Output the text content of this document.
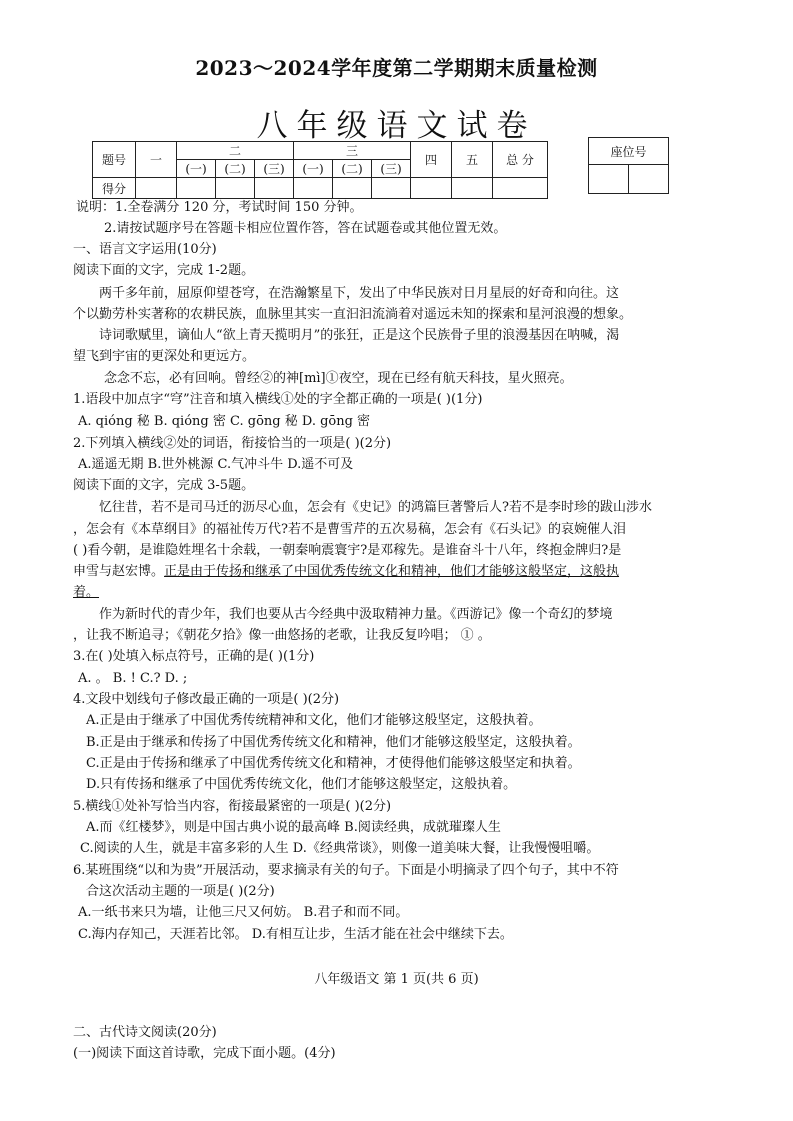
2023～2024学年度第二学期期末质量检测
八年级语文试卷
题号	一	二			三			四	五	总 分
		(一)	(二)	(三)	(一)	(二)	(三)			
得分										
座位号

说明：1.全卷满分 120 分，考试时间 150 分钟。
2.请按试题序号在答题卡相应位置作答，答在试题卷或其他位置无效。
一、语言文字运用(10分)
阅读下面的文字，完成 1-2题。
两千多年前，屈原仰望苍穹，在浩瀚繁星下，发出了中华民族对日月星辰的好奇和向往。这
个以勤劳朴实著称的农耕民族，血脉里其实一直汩汩流淌着对遥远未知的探索和星河浪漫的想象。
诗词歌赋里，谪仙人“欲上青天揽明月”的张狂，正是这个民族骨子里的浪漫基因在呐喊，渴
望飞到宇宙的更深处和更远方。
念念不忘，必有回响。曾经②的神[mì]①夜空，现在已经有航天科技，星火照亮。
1.语段中加点字“穹”注音和填入横线①处的字全都正确的一项是( )(1分)
A. qióng 秘 B. qióng 密 C. gōng 秘 D. gōng 密
2.下列填入横线②处的词语，衔接恰当的一项是( )(2分)
A.遥遥无期 B.世外桃源 C.气冲斗牛 D.遥不可及
阅读下面的文字，完成 3-5题。
忆往昔，若不是司马迁的沥尽心血，怎会有《史记》的鸿篇巨著警后人?若不是李时珍的跋山涉水
，怎会有《本草纲目》的福祉传万代?若不是曹雪芹的五次易稿，怎会有《石头记》的哀婉催人泪
( )看今朝，是谁隐姓埋名十余载，一朝秦响震寰宇?是邓稼先。是谁奋斗十八年，终抱金牌归?是
申雪与赵宏博。正是由于传扬和继承了中国优秀传统文化和精神，他们才能够这般坚定，这般执
着。
作为新时代的青少年，我们也要从古今经典中汲取精神力量。《西游记》像一个奇幻的梦境
，让我不断追寻；《朝花夕拾》像一曲悠扬的老歌，让我反复吟唱； ① 。
3.在( )处填入标点符号，正确的是( )(1分)
A. 。 B. ! C.? D. ;
4.文段中划线句子修改最正确的一项是( )(2分)
A.正是由于继承了中国优秀传统精神和文化，他们才能够这般坚定，这般执着。
B.正是由于继承和传扬了中国优秀传统文化和精神，他们才能够这般坚定，这般执着。
C.正是由于传扬和继承了中国优秀传统文化和精神，才使得他们能够这般坚定和执着。
D.只有传扬和继承了中国优秀传统文化，他们才能够这般坚定，这般执着。
5.横线①处补写恰当内容，衔接最紧密的一项是( )(2分)
A.而《红楼梦》，则是中国古典小说的最高峰 B.阅读经典，成就璀璨人生
C.阅读的人生，就是丰富多彩的人生 D.《经典常谈》，则像一道美味大餐，让我慢慢咀嚼。
6.某班围绕“以和为贵”开展活动，要求摘录有关的句子。下面是小明摘录了四个句子，其中不符
合这次活动主题的一项是( )(2分)
A.一纸书来只为墙，让他三尺又何妨。 B.君子和而不同。
C.海内存知己，天涯若比邻。 D.有相互让步，生活才能在社会中继续下去。
八年级语文 第 1 页(共 6 页)
二、古代诗文阅读(20分)
(一)阅读下面这首诗歌，完成下面小题。(4分)
